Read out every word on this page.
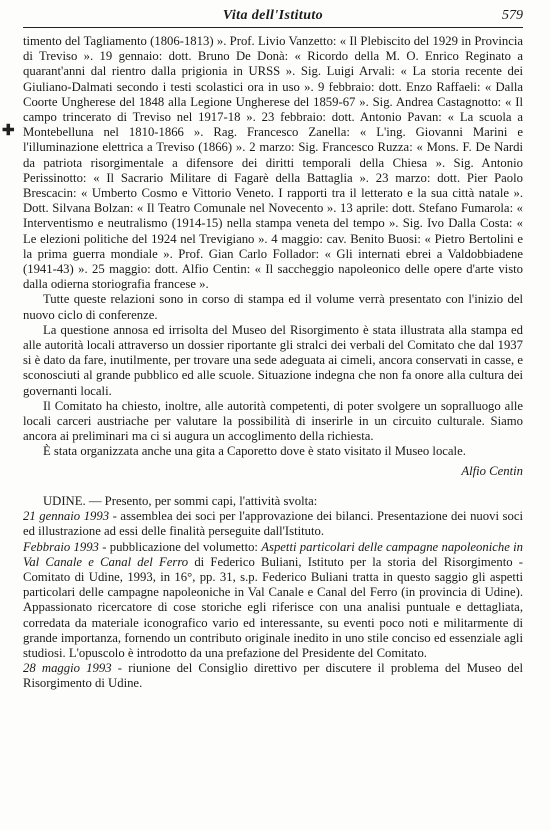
Vita dell'Istituto	579
✚

timento del Tagliamento (1806-1813) ». Prof. Livio Vanzetto: « Il Plebiscito del 1929 in Provincia di Treviso ». 19 gennaio: dott. Bruno De Donà: « Ricordo della M. O. Enrico Reginato a quarant'anni dal rientro dalla prigionia in URSS ». Sig. Luigi Arvali: « La storia recente dei Giuliano-Dalmati secondo i testi scolastici ora in uso ». 9 febbraio: dott. Enzo Raffaeli: « Dalla Coorte Ungherese del 1848 alla Legione Ungherese del 1859-67 ». Sig. Andrea Castagnotto: « Il campo trincerato di Treviso nel 1917-18 ». 23 febbraio: dott. Antonio Pavan: « La scuola a Montebelluna nel 1810-1866 ». Rag. Francesco Zanella: « L'ing. Giovanni Marini e l'illuminazione elettrica a Treviso (1866) ». 2 marzo: Sig. Francesco Ruzza: « Mons. F. De Nardi da patriota risorgimentale a difensore dei diritti temporali della Chiesa ». Sig. Antonio Perissinotto: « Il Sacrario Militare di Fagarè della Battaglia ». 23 marzo: dott. Pier Paolo Brescacin: « Umberto Cosmo e Vittorio Veneto. I rapporti tra il letterato e la sua città natale ». Dott. Silvana Bolzan: « Il Teatro Comunale nel Novecento ». 13 aprile: dott. Stefano Fumarola: « Interventismo e neutralismo (1914-15) nella stampa veneta del tempo ». Sig. Ivo Dalla Costa: « Le elezioni politiche del 1924 nel Trevigiano ». 4 maggio: cav. Benito Buosi: « Pietro Bertolini e la prima guerra mondiale ». Prof. Gian Carlo Follador: « Gli internati ebrei a Valdobbiadene (1941-43) ». 25 maggio: dott. Alfio Centin: « Il saccheggio napoleonico delle opere d'arte visto dalla odierna storiografia francese ».

Tutte queste relazioni sono in corso di stampa ed il volume verrà presentato con l'inizio del nuovo ciclo di conferenze.

La questione annosa ed irrisolta del Museo del Risorgimento è stata illustrata alla stampa ed alle autorità locali attraverso un dossier riportante gli stralci dei verbali del Comitato che dal 1937 si è dato da fare, inutilmente, per trovare una sede adeguata ai cimeli, ancora conservati in casse, e sconosciuti al grande pubblico ed alle scuole. Situazione indegna che non fa onore alla cultura dei governanti locali.

Il Comitato ha chiesto, inoltre, alle autorità competenti, di poter svolgere un sopralluogo alle locali carceri austriache per valutare la possibilità di inserirle in un circuito culturale. Siamo ancora ai preliminari ma ci si augura un accoglimento della richiesta.

È stata organizzata anche una gita a Caporetto dove è stato visitato il Museo locale.

Alfio Centin

UDINE. — Presento, per sommi capi, l'attività svolta:

21 gennaio 1993 - assemblea dei soci per l'approvazione dei bilanci. Presentazione dei nuovi soci ed illustrazione ad essi delle finalità perseguite dall'Istituto.

Febbraio 1993 - pubblicazione del volumetto: Aspetti particolari delle campagne napoleoniche in Val Canale e Canal del Ferro di Federico Buliani, Istituto per la storia del Risorgimento - Comitato di Udine, 1993, in 16°, pp. 31, s.p. Federico Buliani tratta in questo saggio gli aspetti particolari delle campagne napoleoniche in Val Canale e Canal del Ferro (in provincia di Udine). Appassionato ricercatore di cose storiche egli riferisce con una analisi puntuale e dettagliata, corredata da materiale iconografico vario ed interessante, su eventi poco noti e militarmente di grande importanza, fornendo un contributo originale inedito in uno stile conciso ed essenziale agli studiosi. L'opuscolo è introdotto da una prefazione del Presidente del Comitato.

28 maggio 1993 - riunione del Consiglio direttivo per discutere il problema del Museo del Risorgimento di Udine.
